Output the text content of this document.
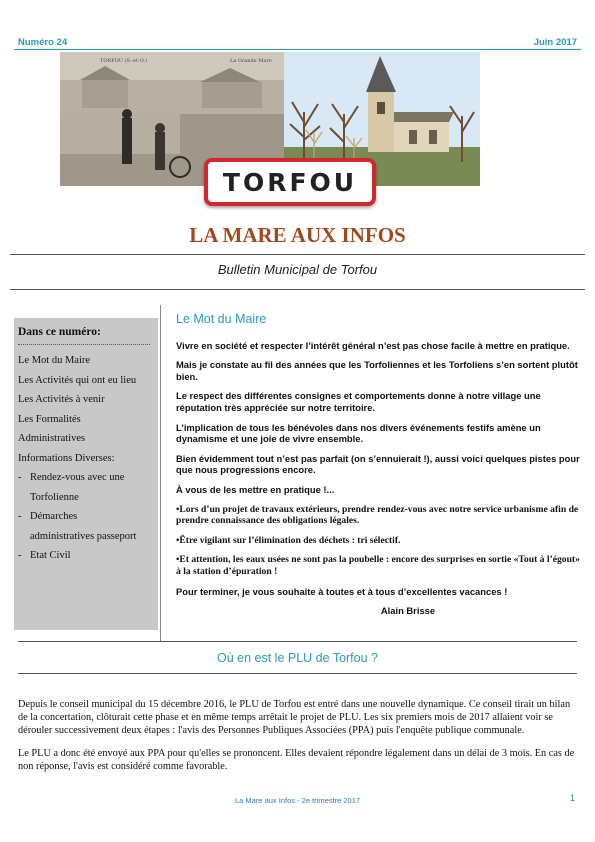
Numéro 24	Juin 2017
TORFOU (S.-et-O.)	La Grande Mare
TORFOU
LA MARE AUX INFOS
Bulletin Municipal de Torfou
Dans ce numéro:
Le Mot du Maire
Les Activités qui ont eu lieu
Les Activités à venir
Les Formalités
Administratives
Informations Diverses:
- Rendez-vous avec une
Torfolienne
- Démarches
administratives passeport
- Etat Civil
Le Mot du Maire

Vivre en société et respecter l’intérêt général n’est pas chose facile à mettre en pratique.

Mais je constate au fil des années que les Torfoliennes et les Torfoliens s’en sortent plutôt bien.

Le respect des différentes consignes et comportements donne à notre village une réputation très appréciée sur notre territoire.

L’implication de tous les bénévoles dans nos divers événements festifs amène un dynamisme et une joie de vivre ensemble.

Bien évidemment tout n’est pas parfait (on s’ennuierait !), aussi voici quelques pistes pour que nous progressions encore.

À vous de les mettre en pratique !...

•Lors d’un projet de travaux extérieurs, prendre rendez-vous avec notre service urbanisme afin de prendre connaissance des obligations légales.

•Être vigilant sur l’élimination des déchets : tri sélectif.

•Et attention, les eaux usées ne sont pas la poubelle : encore des surprises en sortie «Tout à l’égout» à la station d’épuration !

Pour terminer, je vous souhaite à toutes et à tous d’excellentes vacances !

Alain Brisse

Où en est le PLU de Torfou ?

Depuis le conseil municipal du 15 décembre 2016, le PLU de Torfou est entré dans une nouvelle dynamique. Ce conseil tirait un bilan de la concertation, clôturait cette phase et en même temps arrêtait le projet de PLU. Les six premiers mois de 2017 allaient voir se dérouler successivement deux étapes : l'avis des Personnes Publiques Associées (PPA) puis l'enquête publique communale.

Le PLU a donc été envoyé aux PPA pour qu'elles se prononcent. Elles devaient répondre légalement dans un délai de 3 mois. En cas de non réponse, l'avis est considéré comme favorable.

La Mare aux Infos - 2e trimestre 2017	1
